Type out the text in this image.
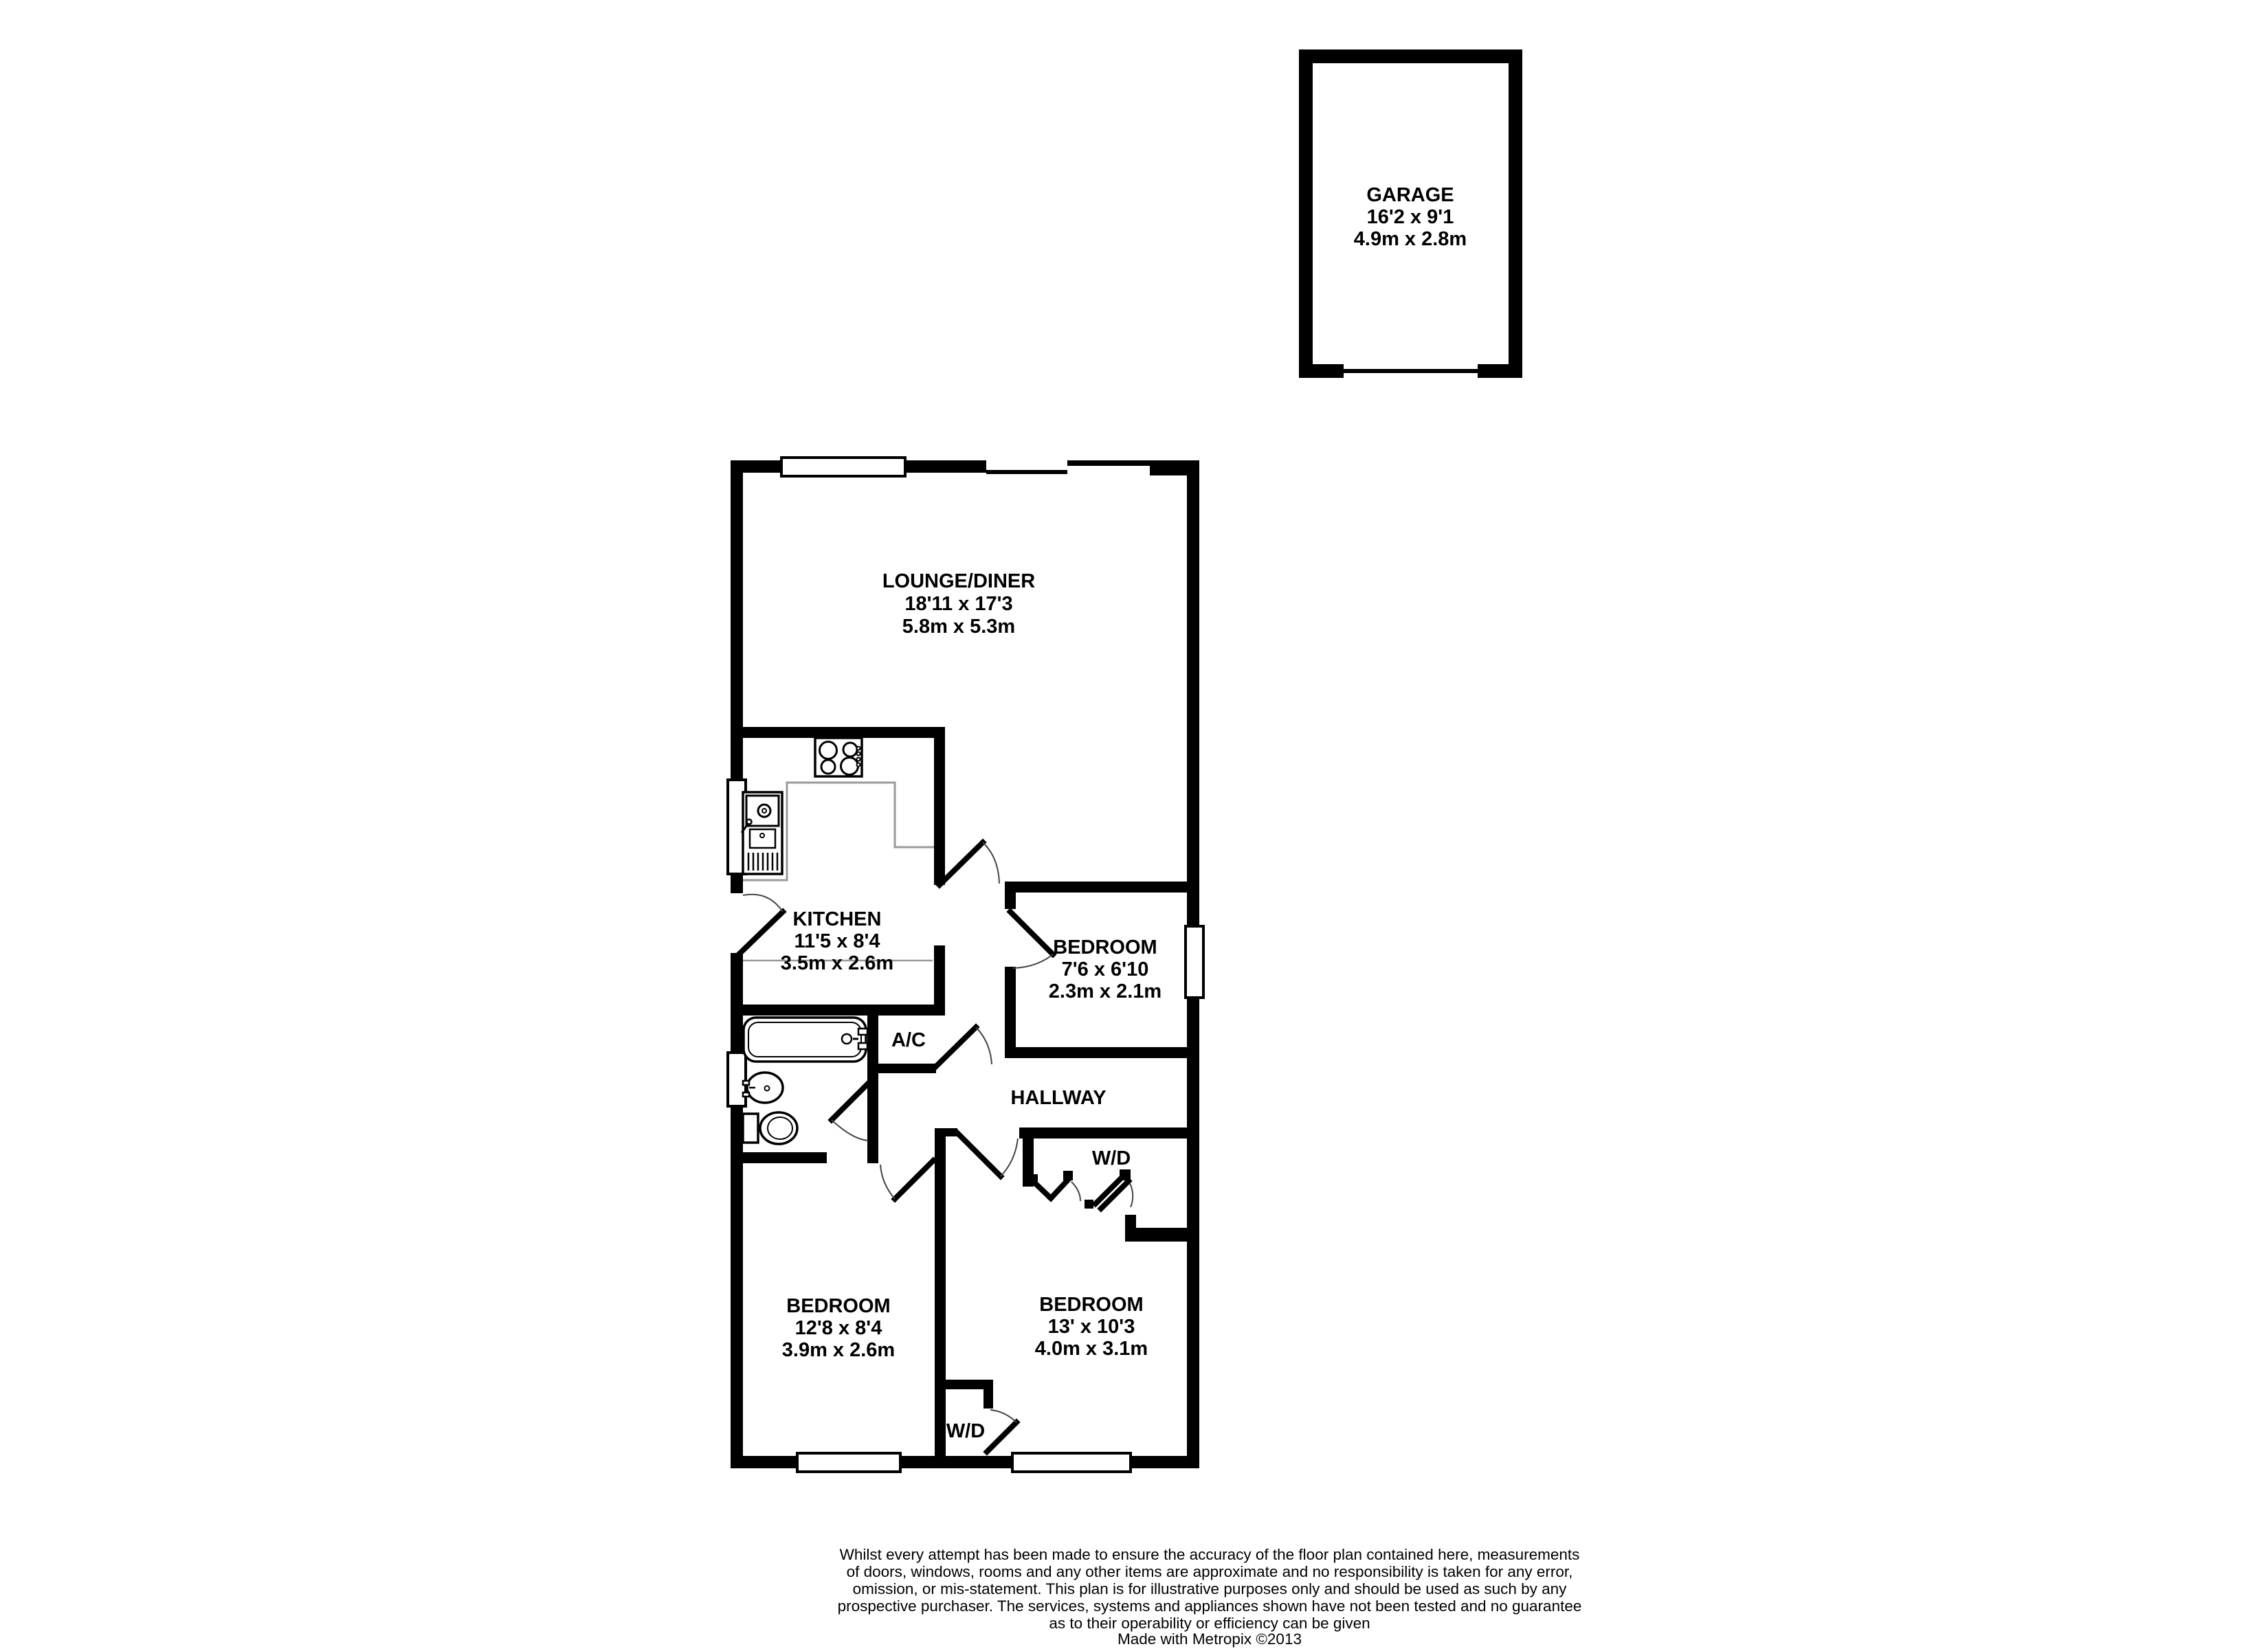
GARAGE
16'2 x 9'1
4.9m x 2.8m
LOUNGE/DINER
18'11 x 17'3
5.8m x 5.3m
KITCHEN
11'5 x 8'4
3.5m x 2.6m
BEDROOM
7'6 x 6'10
2.3m x 2.1m
A/C
HALLWAY
W/D
BEDROOM
12'8 x 8'4
3.9m x 2.6m
BEDROOM
13' x 10'3
4.0m x 3.1m
W/D
Whilst every attempt has been made to ensure the accuracy of the floor plan contained here, measurements
of doors, windows, rooms and any other items are approximate and no responsibility is taken for any error,
omission, or mis-statement. This plan is for illustrative purposes only and should be used as such by any
prospective purchaser. The services, systems and appliances shown have not been tested and no guarantee
as to their operability or efficiency can be given
Made with Metropix ©2013
